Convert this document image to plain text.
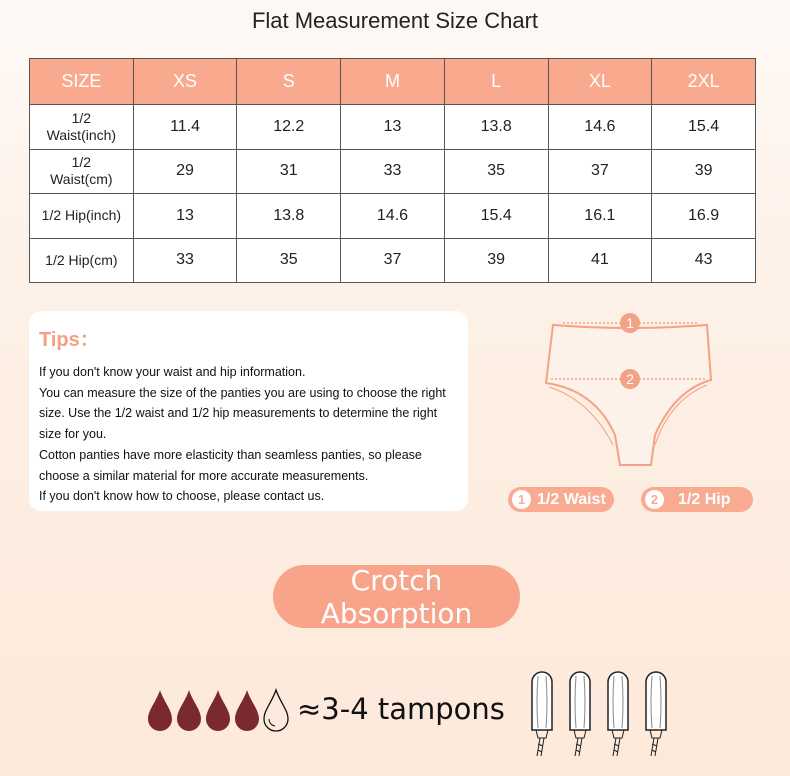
Flat Measurement Size Chart
SIZE	XS	S	M	L	XL	2XL
1/2
Waist(inch)	11.4	12.2	13	13.8	14.6	15.4
1/2
Waist(cm)	29	31	33	35	37	39
1/2 Hip(inch)	13	13.8	14.6	15.4	16.1	16.9
1/2 Hip(cm)	33	35	37	39	41	43
Tips：

If you don't know your waist and hip information.

You can measure the size of the panties you are using to choose the right size. Use the 1/2 waist and 1/2 hip measurements to determine the right size for you.

Cotton panties have more elasticity than seamless panties, so please choose a similar material for more accurate measurements.

If you don't know how to choose, please contact us.

1
2
1 1/2 Waist	2	1/2 Hip
Crotch Absorption
≈3-4 tampons
